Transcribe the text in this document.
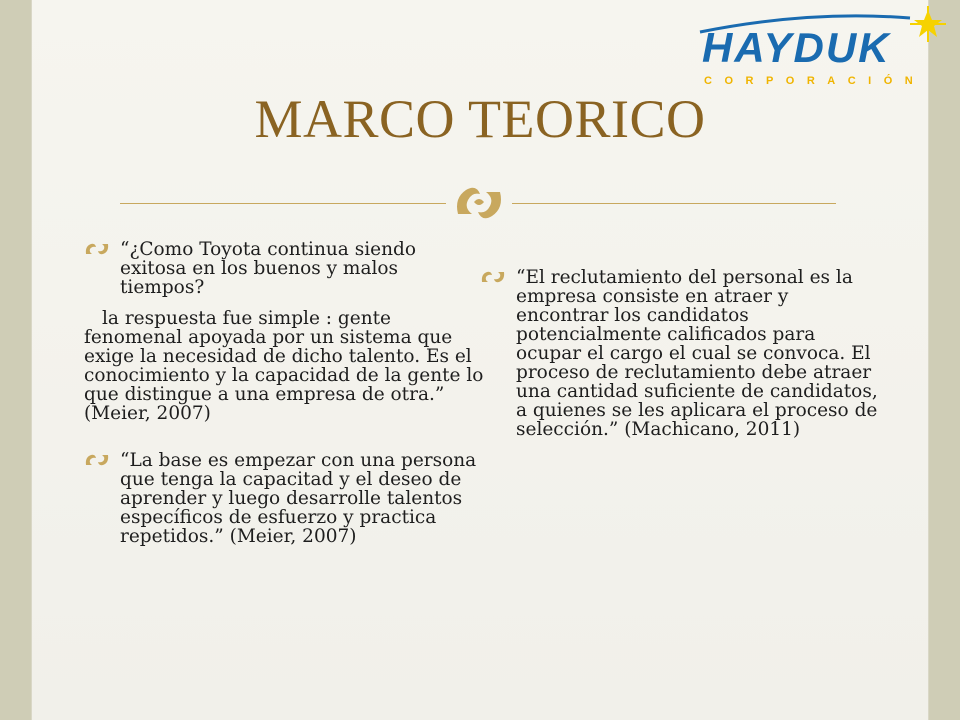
HAYDUK
CORPORACIÓN
MARCO TEORICO
“¿Como Toyota continua siendo exitosa en los buenos y malos tiempos?

la respuesta fue simple : gente fenomenal apoyada por un sistema que exige la necesidad de dicho talento. Es el conocimiento y la capacidad de la gente lo que distingue a una empresa de otra.” (Meier, 2007)

“La base es empezar con una persona que tenga la capacitad y el deseo de aprender y luego desarrolle talentos específicos de esfuerzo y practica repetidos.” (Meier, 2007)
“El reclutamiento del personal es la empresa consiste en atraer y encontrar los candidatos potencialmente calificados para ocupar el cargo el cual se convoca. El proceso de reclutamiento debe atraer una cantidad suficiente de candidatos, a quienes se les aplicara el proceso de selección.” (Machicano, 2011)
